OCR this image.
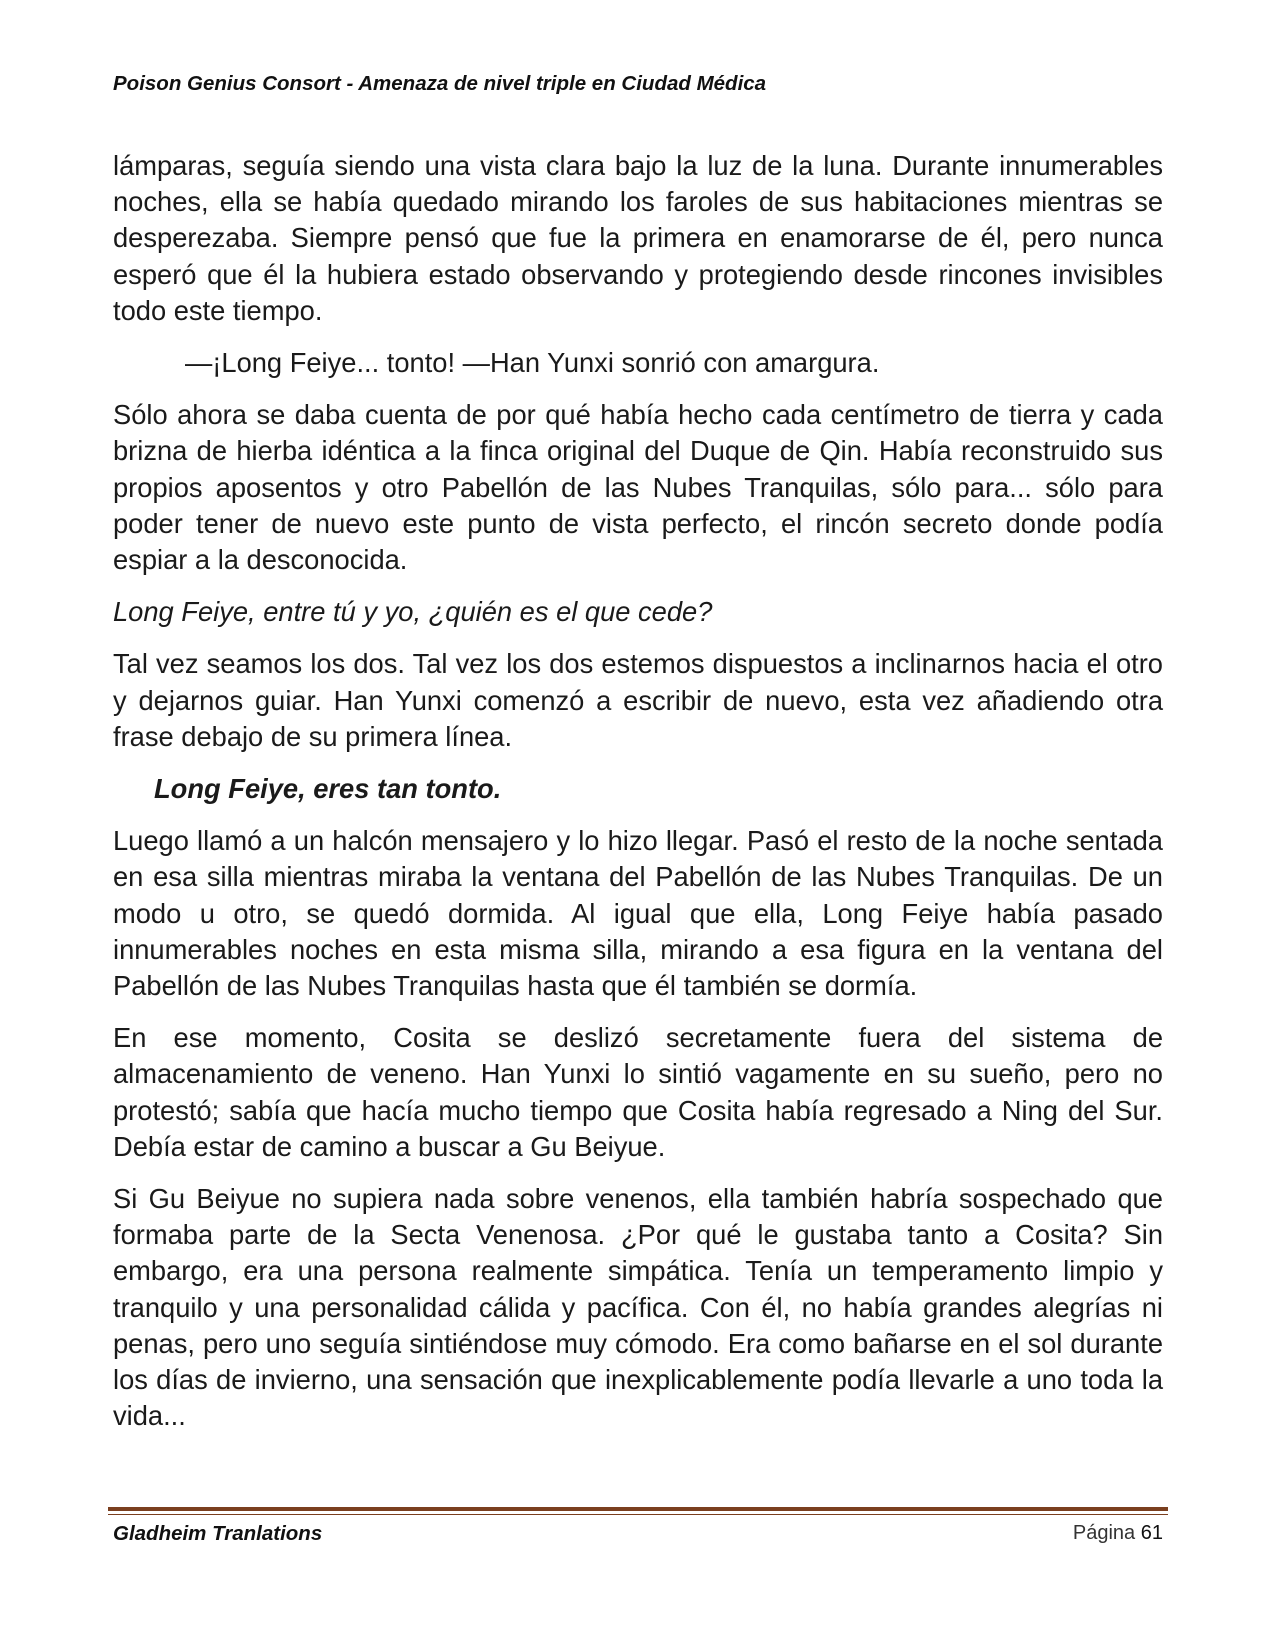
Poison Genius Consort - Amenaza de nivel triple en Ciudad Médica

lámparas, seguía siendo una vista clara bajo la luz de la luna. Durante innumerables noches, ella se había quedado mirando los faroles de sus habitaciones mientras se desperezaba. Siempre pensó que fue la primera en enamorarse de él, pero nunca esperó que él la hubiera estado observando y protegiendo desde rincones invisibles todo este tiempo.

—¡Long Feiye... tonto! —Han Yunxi sonrió con amargura.

Sólo ahora se daba cuenta de por qué había hecho cada centímetro de tierra y cada brizna de hierba idéntica a la finca original del Duque de Qin. Había reconstruido sus propios aposentos y otro Pabellón de las Nubes Tranquilas, sólo para... sólo para poder tener de nuevo este punto de vista perfecto, el rincón secreto donde podía espiar a la desconocida.

Long Feiye, entre tú y yo, ¿quién es el que cede?

Tal vez seamos los dos. Tal vez los dos estemos dispuestos a inclinarnos hacia el otro y dejarnos guiar. Han Yunxi comenzó a escribir de nuevo, esta vez añadiendo otra frase debajo de su primera línea.

Long Feiye, eres tan tonto.

Luego llamó a un halcón mensajero y lo hizo llegar. Pasó el resto de la noche sentada en esa silla mientras miraba la ventana del Pabellón de las Nubes Tranquilas. De un modo u otro, se quedó dormida. Al igual que ella, Long Feiye había pasado innumerables noches en esta misma silla, mirando a esa figura en la ventana del Pabellón de las Nubes Tranquilas hasta que él también se dormía.

En ese momento, Cosita se deslizó secretamente fuera del sistema de almacenamiento de veneno. Han Yunxi lo sintió vagamente en su sueño, pero no protestó; sabía que hacía mucho tiempo que Cosita había regresado a Ning del Sur. Debía estar de camino a buscar a Gu Beiyue.

Si Gu Beiyue no supiera nada sobre venenos, ella también habría sospechado que formaba parte de la Secta Venenosa. ¿Por qué le gustaba tanto a Cosita? Sin embargo, era una persona realmente simpática. Tenía un temperamento limpio y tranquilo y una personalidad cálida y pacífica. Con él, no había grandes alegrías ni penas, pero uno seguía sintiéndose muy cómodo. Era como bañarse en el sol durante los días de invierno, una sensación que inexplicablemente podía llevarle a uno toda la vida...

Gladheim Tranlations	Página 61
